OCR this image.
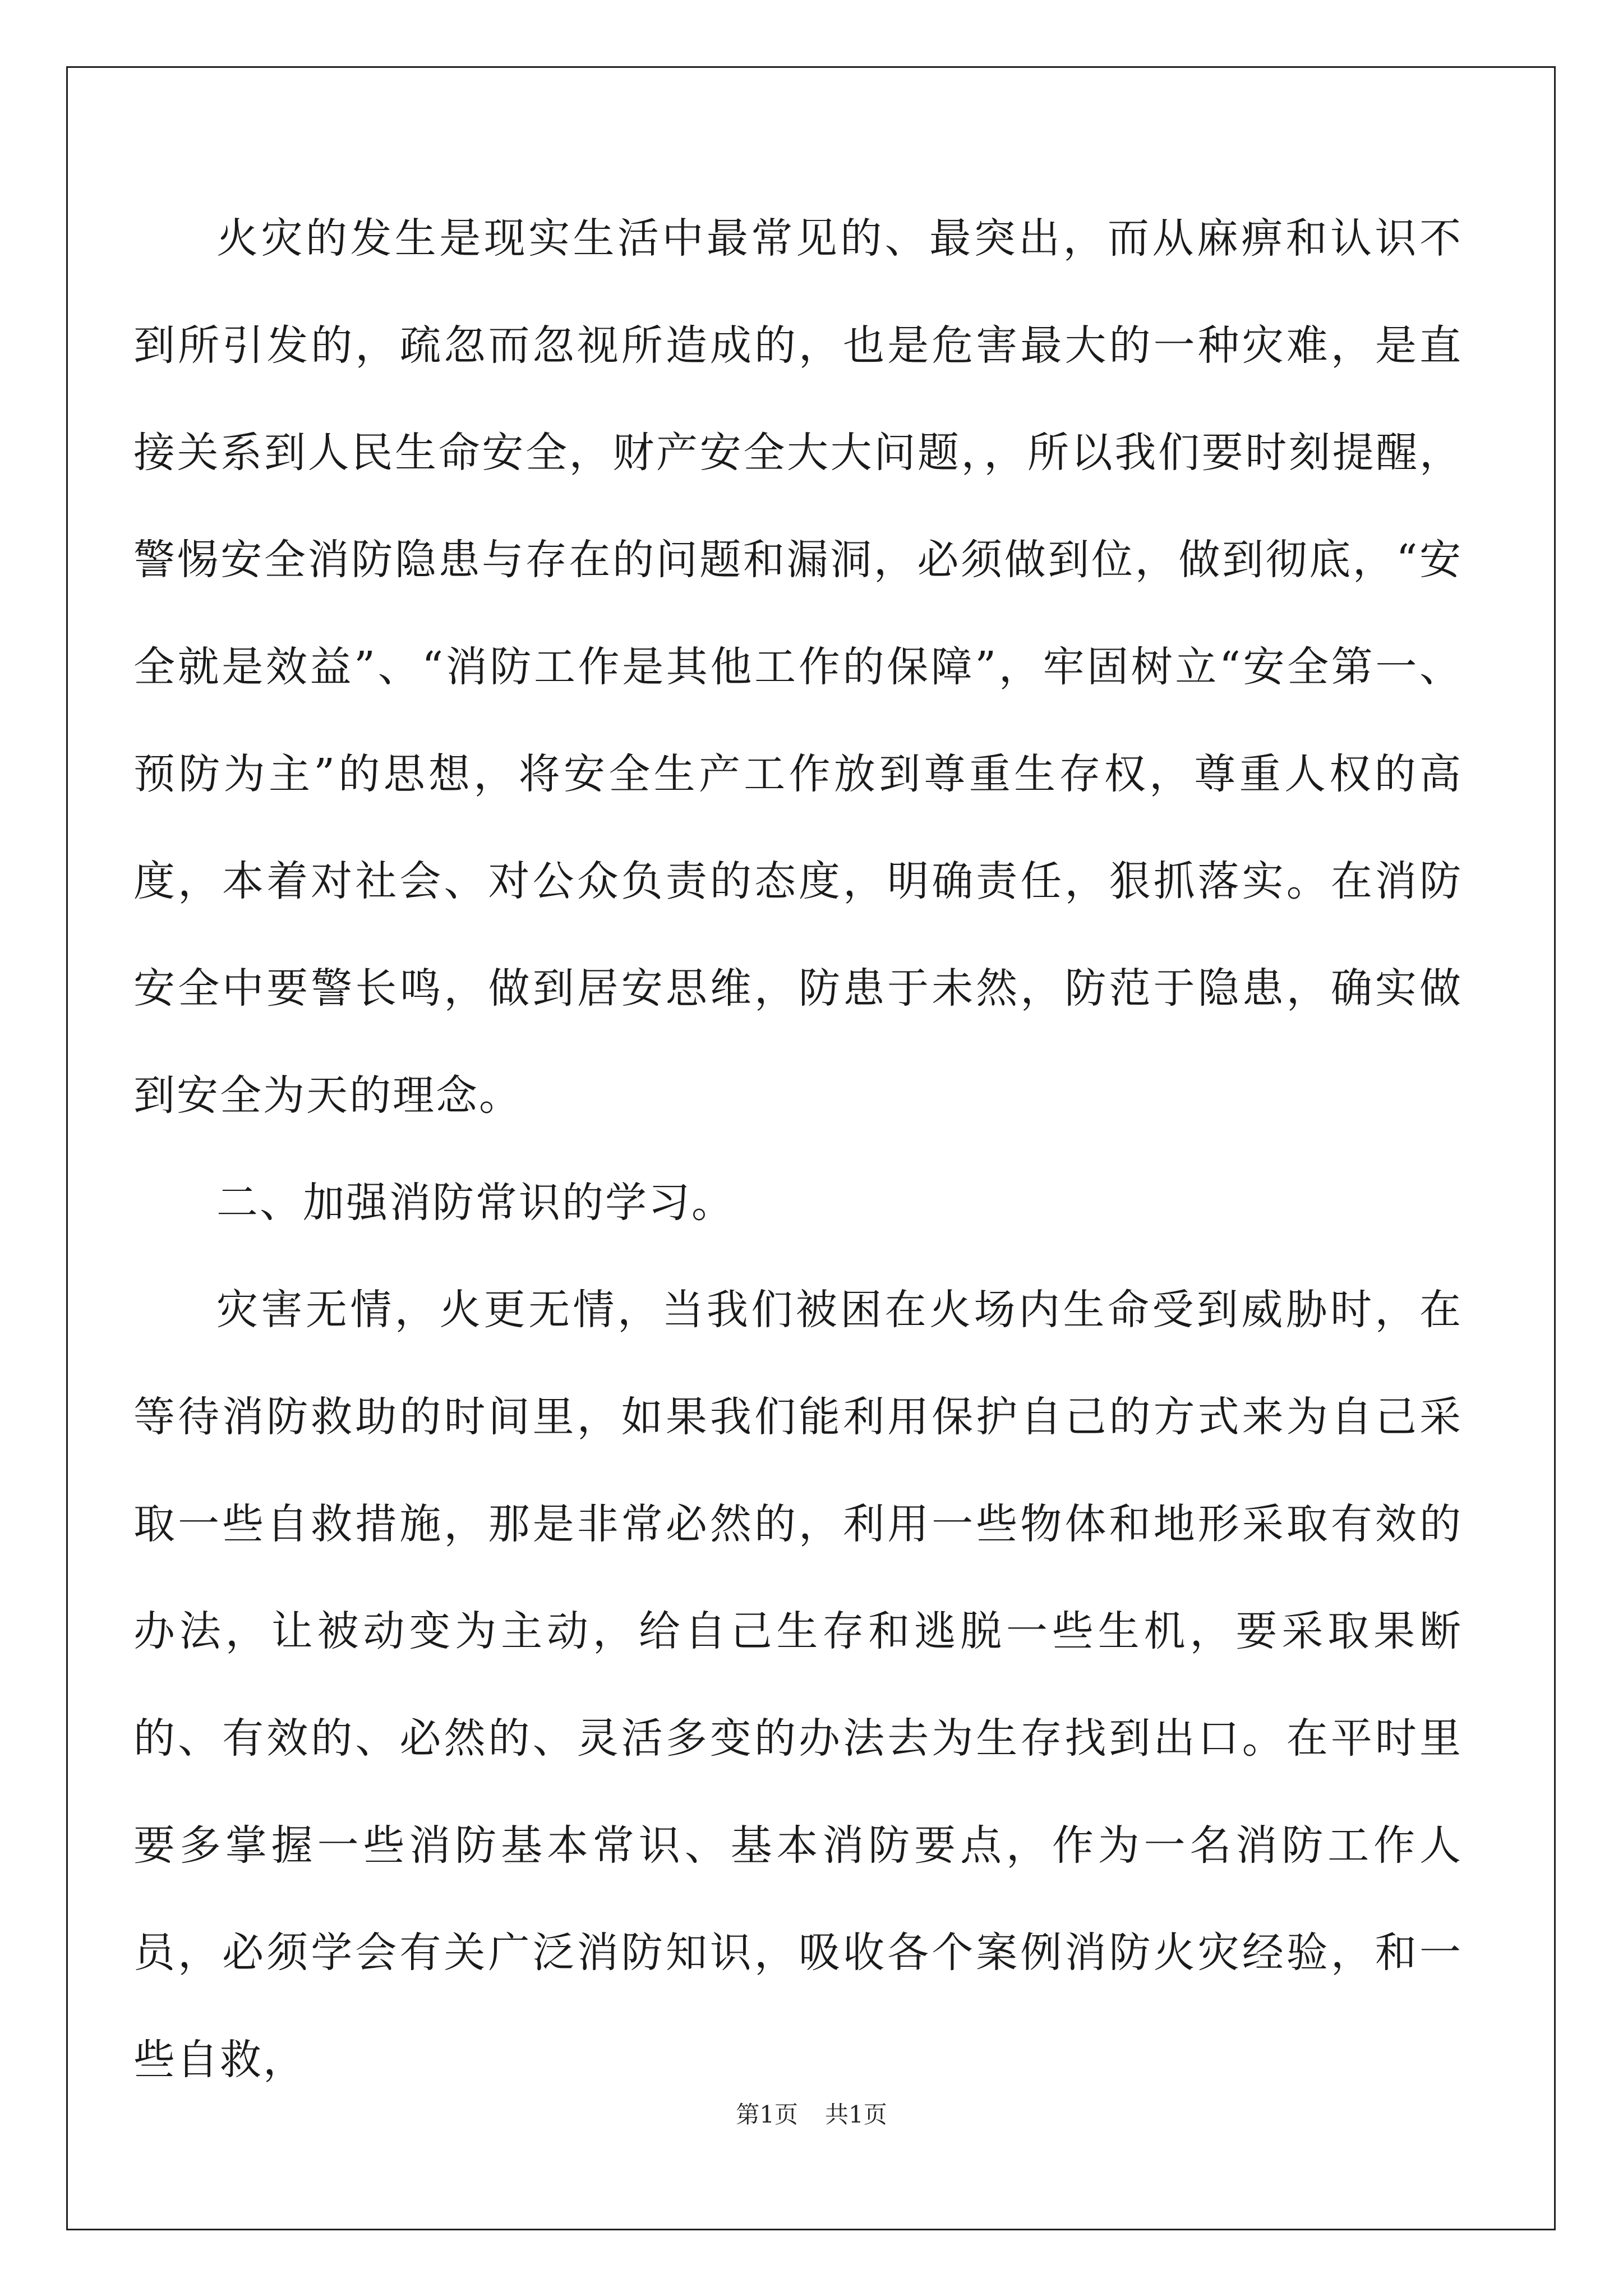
火灾的发生是现实生活中最常见的、最突出，而从麻痹和认识不到所引发的，疏忽而忽视所造成的，也是危害最大的一种灾难，是直接关系到人民生命安全，财产安全大大问题，，所以我们要时刻提醒，警惕安全消防隐患与存在的问题和漏洞，必须做到位，做到彻底，“安全就是效益”、“消防工作是其他工作的保障”，牢固树立“安全第一、预防为主”的思想，将安全生产工作放到尊重生存权，尊重人权的高度，本着对社会、对公众负责的态度，明确责任，狠抓落实。在消防安全中要警长鸣，做到居安思维，防患于未然，防范于隐患，确实做到安全为天的理念。

二、加强消防常识的学习。

灾害无情，火更无情，当我们被困在火场内生命受到威胁时，在等待消防救助的时间里，如果我们能利用保护自己的方式来为自己采取一些自救措施，那是非常必然的，利用一些物体和地形采取有效的办法，让被动变为主动，给自己生存和逃脱一些生机，要采取果断的、有效的、必然的、灵活多变的办法去为生存找到出口。在平时里要多掌握一些消防基本常识、基本消防要点，作为一名消防工作人员，必须学会有关广泛消防知识，吸收各个案例消防火灾经验，和一些自救，

第1页 共1页
